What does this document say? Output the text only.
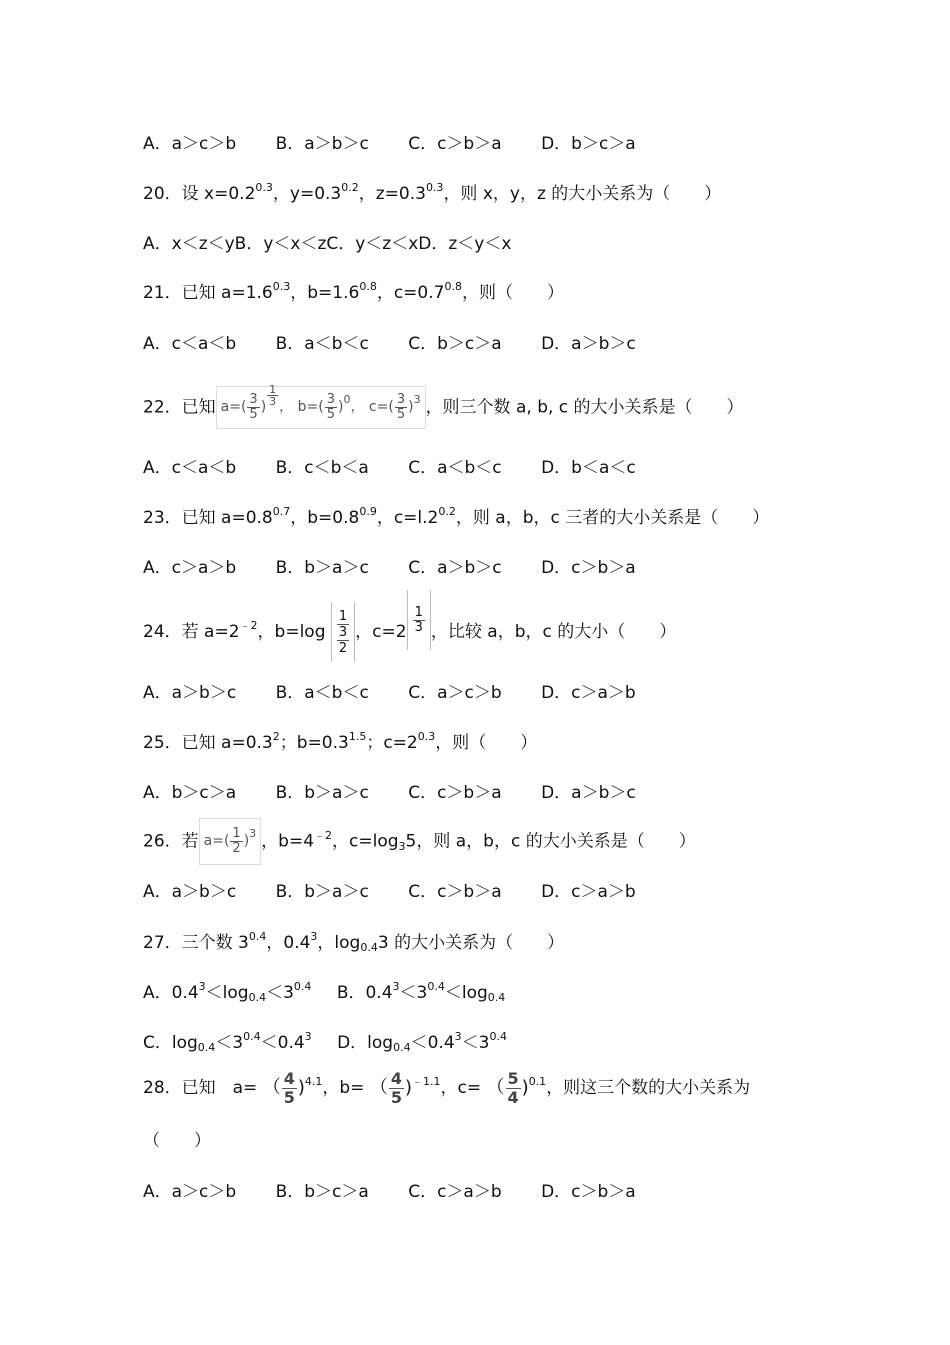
A．a＞c＞b B．a＞b＞c C．c＞b＞a D．b＞c＞a
20．设 $x=0.2^{0.3}$，$y=0.3^{0.2}$，$z=0.3^{0.3}$，则 x，y，z 的大小关系为（　　）
A．x＜z＜yB．y＜x＜zC．y＜z＜xD．z＜y＜x
21．已知 $a=1.6^{0.3}$，$b=1.6^{0.8}$，$c=0.7^{0.8}$，则（　　）
A．c＜a＜b B．a＜b＜c C．b＞c＞a D．a＞b＞c
22．已知 $a=( \frac{3}{5}$ )
$\frac{1}{3}$
， $b=( \frac{3}{5} )^0$， $c=( \frac{3}{5} )^3$ ，则三个数 a, b, c 的大小关系是（　　）
A．c＜a＜b B．c＜b＜a C．a＜b＜c D．b＜a＜c
23．已知 $a=0.8^{0.7}$，$b=0.8^{0.9}$，$c=l.2^{0.2}$，则 a，b，c 三者的大小关系是（　　）
A．c＞a＞b B．b＞a＞c C．a＞b＞c D．c＞b＞a
24．若 $a=2^{﹣2}$，b=log
1
3
2
，$c=2 \frac{1}{3}$ ，比较 a，b，c 的大小（　　）
A．a＞b＞c B．a＜b＜c C．a＞c＞b D．c＞a＞b
25．已知 $a=0.3^2$；$b=0.3^{1.5}$；$c=2^{0.3}$，则（　　）
A．b＞c＞a B．b＞a＞c C．c＞b＞a D．a＞b＞c
26．若 $a=( \frac{1}{2} )^3$ ，$b=4^{﹣2}$，c=log35，则 a，b，c 的大小关系是（　　）
A．a＞b＞c B．b＞a＞c C．c＞b＞a D．c＞a＞b
27．三个数 $3^{0.4}$，$0.4^3$，log0.43 的大小关系为（　　）
A．$0.4^3<\log 0.4<3^{0.4}$ B．$0.4^3<3^{0.4}<\log 0.4$
C．$\log 0.4<3^{0.4}<0.4^3$ D．$\log 0.4<0.4^3<3^{0.4}$
28．已知　a= （ $\frac{4}{5} )^{4.1}$，b= （ $\frac{4}{5} )^{﹣1.1}$，c= （ $\frac{5}{4} )^{0.1}$，则这三个数的大小关系为
（　　）
A．a＞c＞b B．b＞c＞a C．c＞a＞b D．c＞b＞a
